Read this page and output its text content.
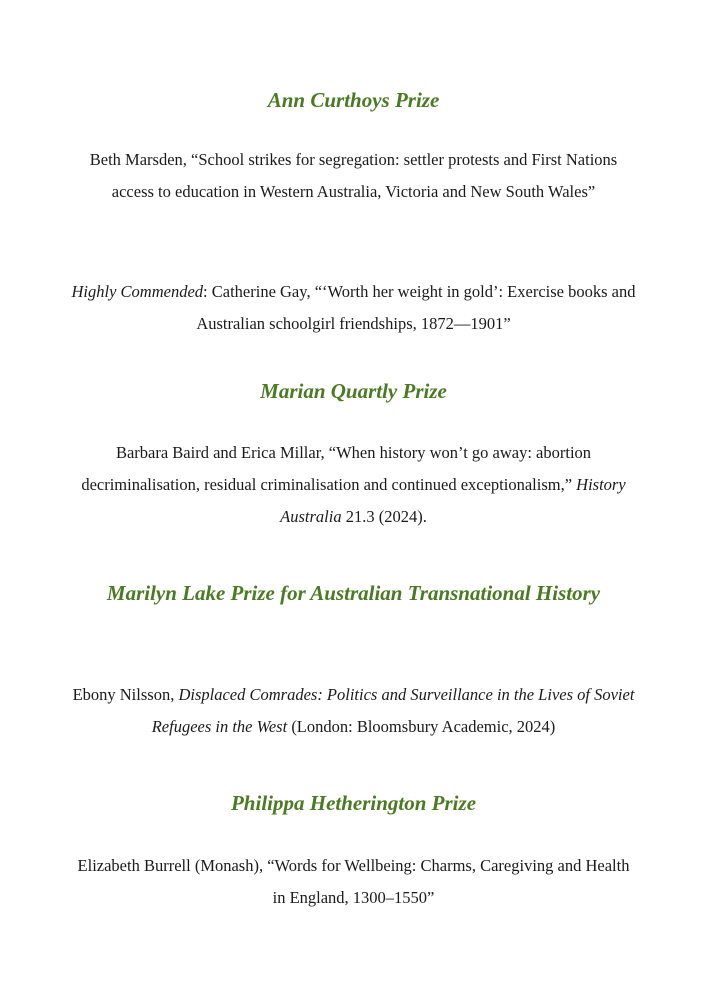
Ann Curthoys Prize

Beth Marsden, “School strikes for segregation: settler protests and First Nations access to education in Western Australia, Victoria and New South Wales”

Highly Commended: Catherine Gay, “‘Worth her weight in gold’: Exercise books and Australian schoolgirl friendships, 1872—1901”

Marian Quartly Prize

Barbara Baird and Erica Millar, “When history won’t go away: abortion decriminalisation, residual criminalisation and continued exceptionalism,” History Australia 21.3 (2024).

Marilyn Lake Prize for Australian Transnational History

Ebony Nilsson, Displaced Comrades: Politics and Surveillance in the Lives of Soviet Refugees in the West (London: Bloomsbury Academic, 2024)

Philippa Hetherington Prize

Elizabeth Burrell (Monash), “Words for Wellbeing: Charms, Caregiving and Health in England, 1300–1550”
